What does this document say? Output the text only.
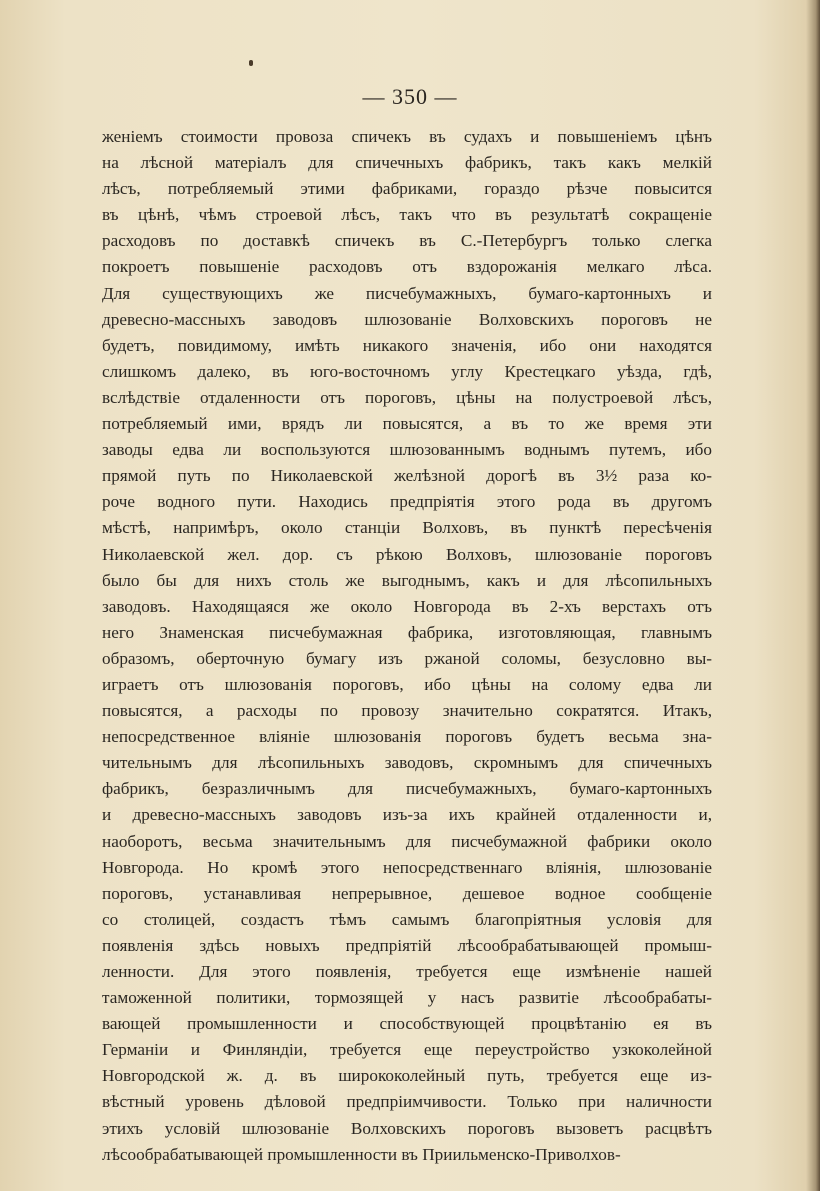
— 350 —
женіемъ стоимости провоза спичекъ въ судахъ и повышеніемъ цѣнъ
на лѣсной матеріалъ для спичечныхъ фабрикъ, такъ какъ мелкій
лѣсъ, потребляемый этими фабриками, гораздо рѣзче повысится
въ цѣнѣ, чѣмъ строевой лѣсъ, такъ что въ результатѣ сокращеніе
расходовъ по доставкѣ спичекъ въ С.-Петербургъ только слегка
покроетъ повышеніе расходовъ отъ вздорожанія мелкаго лѣса.
Для существующихъ же писчебумажныхъ, бумаго-картонныхъ и
древесно-массныхъ заводовъ шлюзованіе Волховскихъ пороговъ не
будетъ, повидимому, имѣть никакого значенія, ибо они находятся
слишкомъ далеко, въ юго-восточномъ углу Крестецкаго уѣзда, гдѣ,
вслѣдствіе отдаленности отъ пороговъ, цѣны на полустроевой лѣсъ,
потребляемый ими, врядъ ли повысятся, а въ то же время эти
заводы едва ли воспользуются шлюзованнымъ воднымъ путемъ, ибо
прямой путь по Николаевской желѣзной дорогѣ въ 3½ раза ко-
роче водного пути. Находись предпріятія этого рода въ другомъ
мѣстѣ, напримѣръ, около станціи Волховъ, въ пунктѣ пересѣченія
Николаевской жел. дор. съ рѣкою Волховъ, шлюзованіе пороговъ
было бы для нихъ столь же выгоднымъ, какъ и для лѣсопильныхъ
заводовъ. Находящаяся же около Новгорода въ 2-хъ верстахъ отъ
него Знаменская писчебумажная фабрика, изготовляющая, главнымъ
образомъ, оберточную бумагу изъ ржаной соломы, безусловно вы-
играетъ отъ шлюзованія пороговъ, ибо цѣны на солому едва ли
повысятся, а расходы по провозу значительно сократятся. Итакъ,
непосредственное вліяніе шлюзованія пороговъ будетъ весьма зна-
чительнымъ для лѣсопильныхъ заводовъ, скромнымъ для спичечныхъ
фабрикъ, безразличнымъ для писчебумажныхъ, бумаго-картонныхъ
и древесно-массныхъ заводовъ изъ-за ихъ крайней отдаленности и,
наоборотъ, весьма значительнымъ для писчебумажной фабрики около
Новгорода. Но кромѣ этого непосредственнаго вліянія, шлюзованіе
пороговъ, устанавливая непрерывное, дешевое водное сообщеніе
со столицей, создастъ тѣмъ самымъ благопріятныя условія для
появленія здѣсь новыхъ предпріятій лѣсообрабатывающей промыш-
ленности. Для этого появленія, требуется еще измѣненіе нашей
таможенной политики, тормозящей у насъ развитіе лѣсообрабаты-
вающей промышленности и способствующей процвѣтанію ея въ
Германіи и Финляндіи, требуется еще переустройство узкоколейной
Новгородской ж. д. въ ширококолейный путь, требуется еще из-
вѣстный уровень дѣловой предпріимчивости. Только при наличности
этихъ условій шлюзованіе Волховскихъ пороговъ вызоветъ расцвѣтъ
лѣсообрабатывающей промышленности въ Приильменско-Приволхов-
